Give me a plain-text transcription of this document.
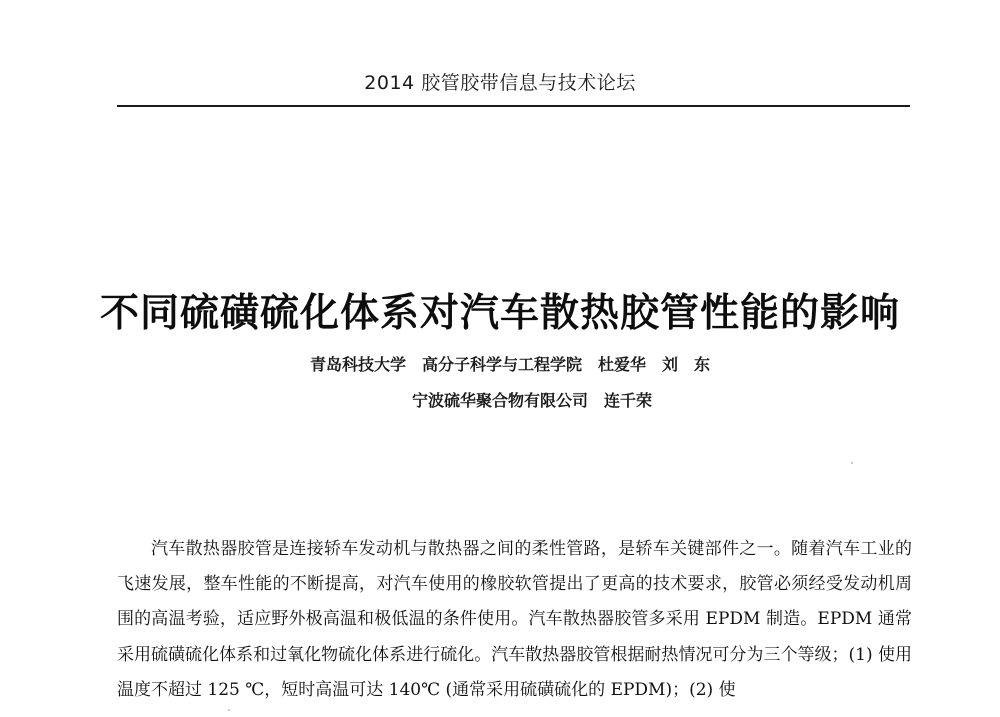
2014 胶管胶带信息与技术论坛
不同硫磺硫化体系对汽车散热胶管性能的影响
青岛科技大学 高分子科学与工程学院 杜爱华 刘　东
宁波硫华聚合物有限公司 连千荣

汽车散热器胶管是连接轿车发动机与散热器之间的柔性管路，是轿车关键部件之一。随着汽车工业的飞速发展，整车性能的不断提高，对汽车使用的橡胶软管提出了更高的技术要求，胶管必须经受发动机周围的高温考验，适应野外极高温和极低温的条件使用。汽车散热器胶管多采用 EPDM 制造。EPDM 通常采用硫磺硫化体系和过氧化物硫化体系进行硫化。汽车散热器胶管根据耐热情况可分为三个等级；(1) 使用温度不超过 125 ℃，短时高温可达 140℃ (通常采用硫磺硫化的 EPDM)；(2) 使
